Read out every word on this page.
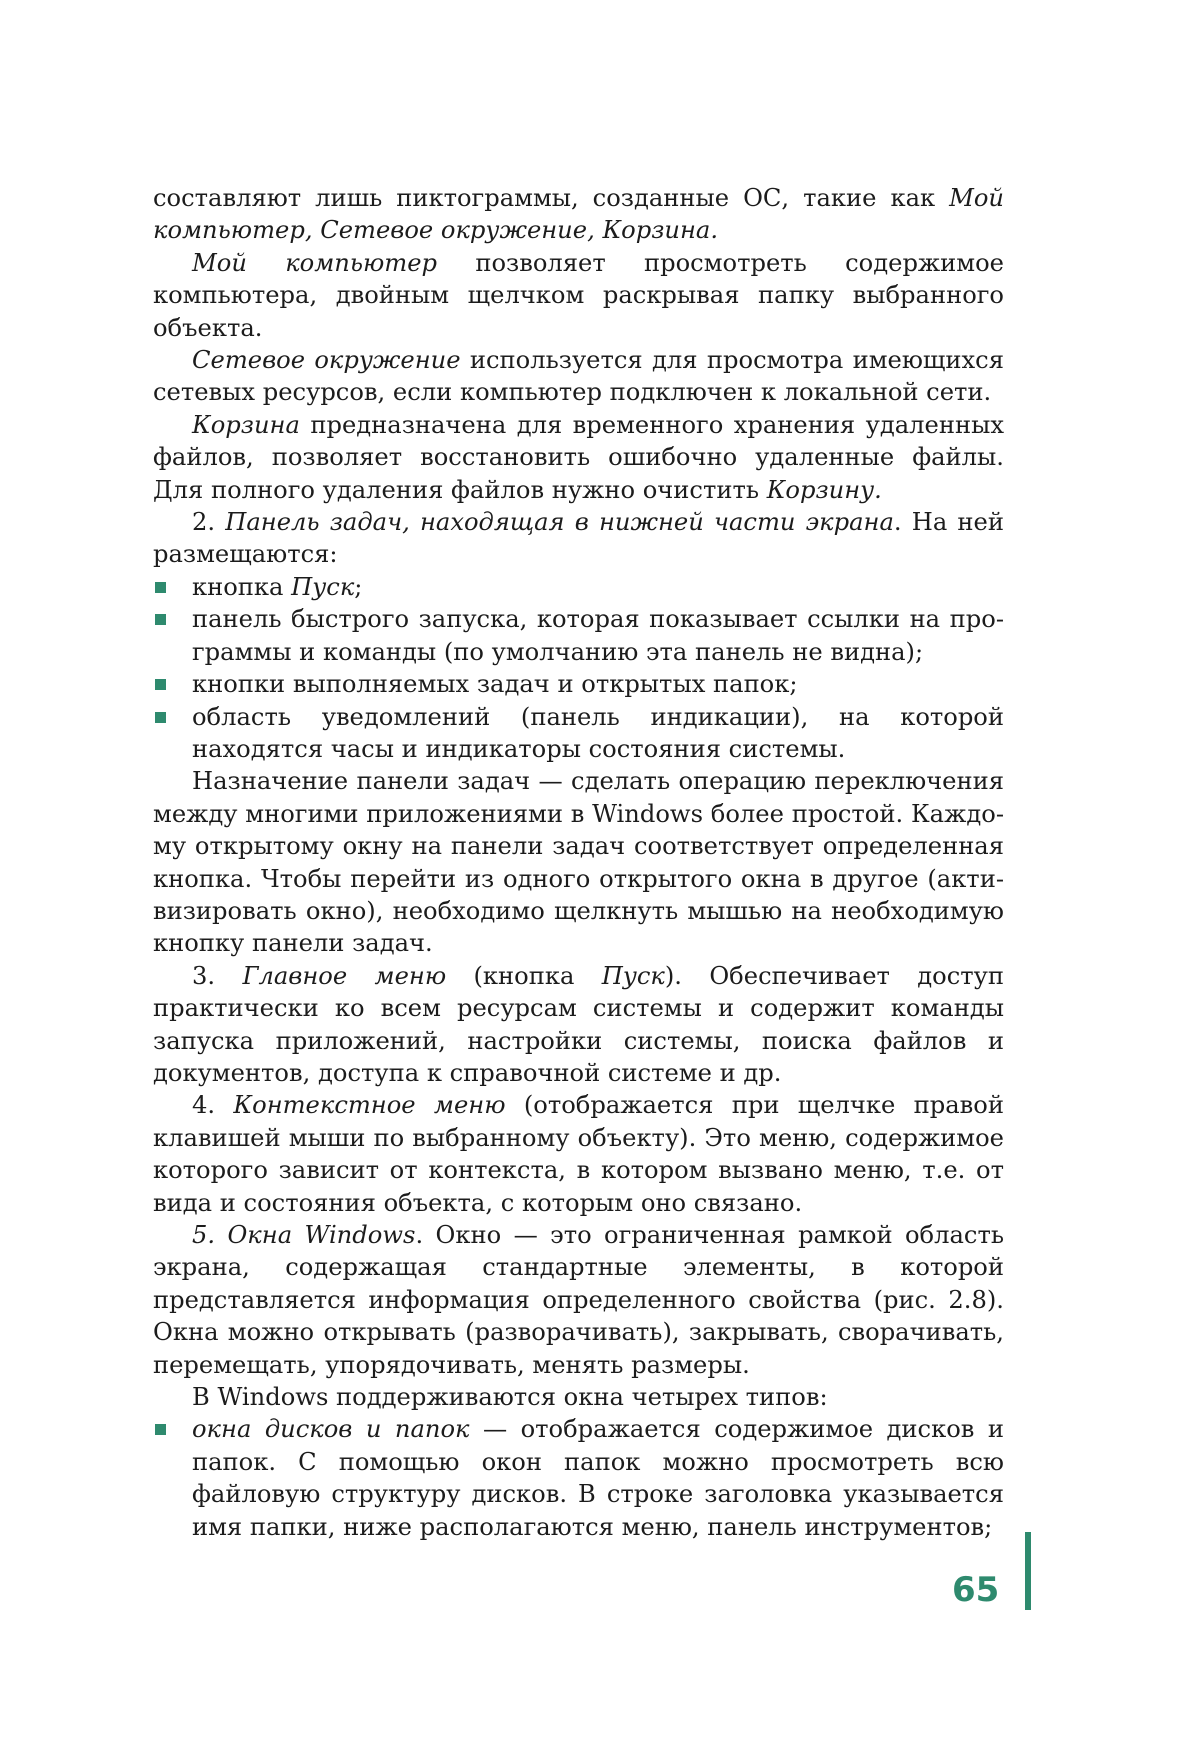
составляют лишь пиктограммы, созданные ОС, такие как Мой компьютер, Сетевое окружение, Корзина.

Мой компьютер позволяет просмотреть содержимое компьютера, двойным щелчком раскрывая папку выбранного объекта.

Сетевое окружение используется для просмотра имеющихся сетевых ресурсов, если компьютер подключен к локальной сети.

Корзина предназначена для временного хранения удаленных файлов, позволяет восстановить ошибочно удаленные файлы. Для полного удаления файлов нужно очистить Корзину.

2. Панель задач, находящая в нижней части экрана. На ней размещаются:

кнопка Пуск;
панель быстрого запуска, которая показывает ссылки на программы и команды (по умолчанию эта панель не видна);
кнопки выполняемых задач и открытых папок;
область уведомлений (панель индикации), на которой находятся часы и индикаторы состояния системы.

Назначение панели задач — сделать операцию переключения между многими приложениями в Windows более простой. Каждому открытому окну на панели задач соответствует определенная кнопка. Чтобы перейти из одного открытого окна в другое (активизировать окно), необходимо щелкнуть мышью на необходимую кнопку панели задач.

3. Главное меню (кнопка Пуск). Обеспечивает доступ практически ко всем ресурсам системы и содержит команды запуска приложений, настройки системы, поиска файлов и документов, доступа к справочной системе и др.

4. Контекстное меню (отображается при щелчке правой клавишей мыши по выбранному объекту). Это меню, содержимое которого зависит от контекста, в котором вызвано меню, т.е. от вида и состояния объекта, с которым оно связано.

5. Окна Windows. Окно — это ограниченная рамкой область экрана, содержащая стандартные элементы, в которой представляется информация определенного свойства (рис. 2.8). Окна можно открывать (разворачивать), закрывать, сворачивать, перемещать, упорядочивать, менять размеры.

В Windows поддерживаются окна четырех типов:

окна дисков и папок — отображается содержимое дисков и папок. С помощью окон папок можно просмотреть всю файловую структуру дисков. В строке заголовка указывается имя папки, ниже располагаются меню, панель инструментов;
65
